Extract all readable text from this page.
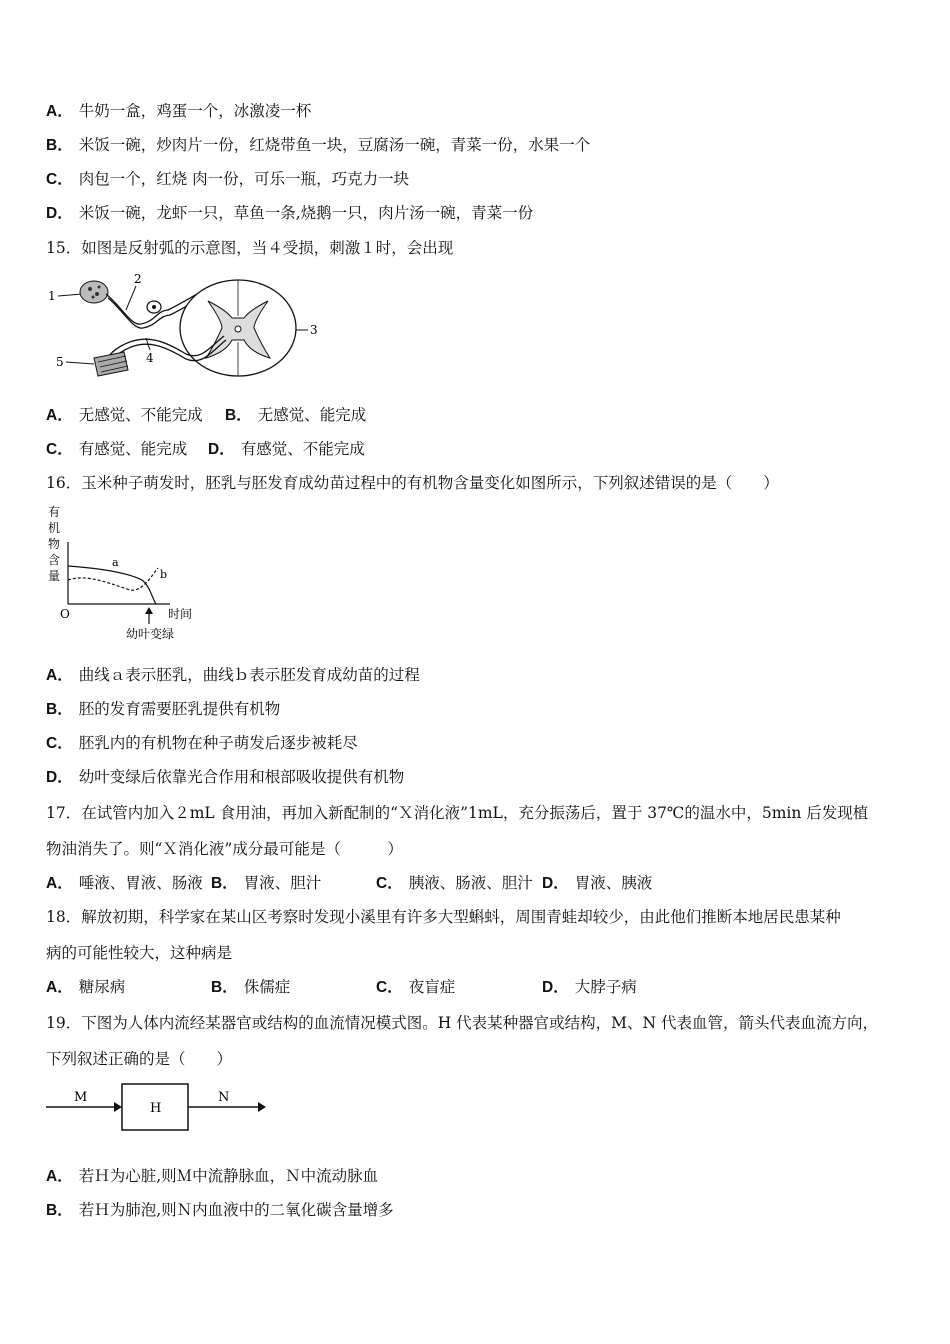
A． 牛奶一盒，鸡蛋一个，冰激凌一杯
B． 米饭一碗，炒肉片一份，红烧带鱼一块，豆腐汤一碗，青菜一份，水果一个
C． 肉包一个，红烧 肉一份，可乐一瓶，巧克力一块
D． 米饭一碗，龙虾一只，草鱼一条,烧鹅一只，肉片汤一碗，青菜一份
15．如图是反射弧的示意图，当４受损，刺激１时，会出现
1
2
3
4
5
A． 无感觉、不能完成 B． 无感觉、能完成
C． 有感觉、能完成 D． 有感觉、不能完成
16．玉米种子萌发时，胚乳与胚发育成幼苗过程中的有机物含量变化如图所示，下列叙述错误的是（　　）
有
机
物
含
量
O	时间
a
b
幼叶变绿
A． 曲线ａ表示胚乳，曲线ｂ表示胚发育成幼苗的过程
B． 胚的发育需要胚乳提供有机物
C． 胚乳内的有机物在种子萌发后逐步被耗尽
D． 幼叶变绿后依靠光合作用和根部吸收提供有机物
17．在试管内加入２mL 食用油，再加入新配制的“Ｘ消化液”1mL，充分振荡后，置于 37℃的温水中，5min 后发现植
物油消失了。则“Ｘ消化液”成分最可能是（　　　）
A． 唾液、胃液、肠液 B． 胃液、胆汁	C． 胰液、肠液、胆汁 D． 胃液、胰液
18．解放初期，科学家在某山区考察时发现小溪里有许多大型蝌蚪，周围青蛙却较少，由此他们推断本地居民患某种
病的可能性较大，这种病是
A． 糖尿病	B． 侏儒症	C． 夜盲症	D． 大脖子病
19．下图为人体内流经某器官或结构的血流情况模式图。H 代表某种器官或结构，M、N 代表血管，箭头代表血流方向，
下列叙述正确的是（　　）
M
H
N
A． 若Ｈ为心脏,则Ｍ中流静脉血，Ｎ中流动脉血
B． 若Ｈ为肺泡,则Ｎ内血液中的二氧化碳含量增多
